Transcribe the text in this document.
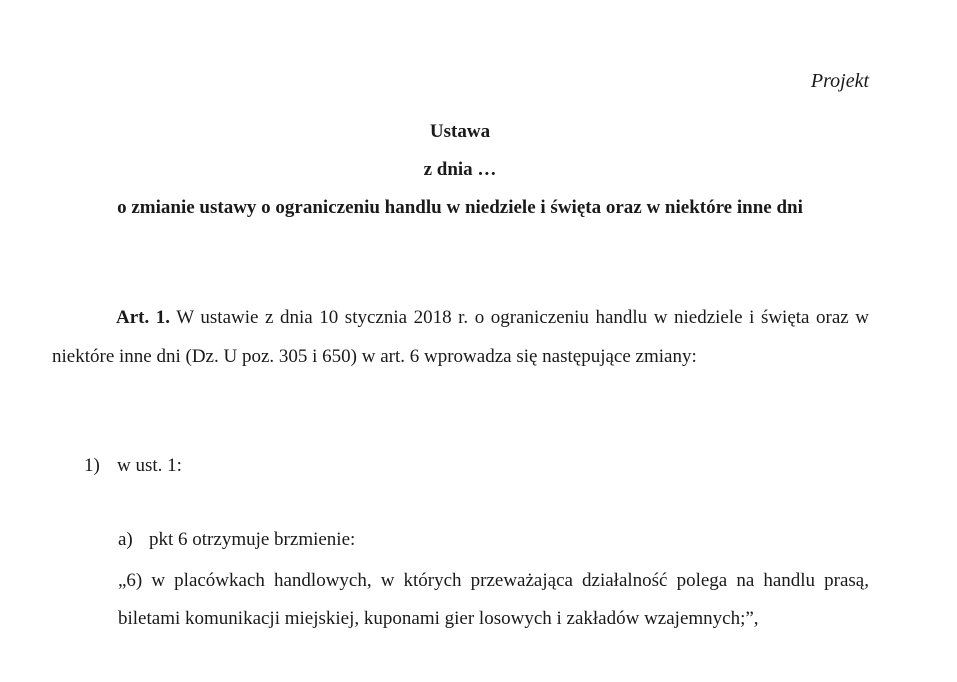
Projekt
Ustawa
z dnia …
o zmianie ustawy o ograniczeniu handlu w niedziele i święta oraz w niektóre inne dni
Art. 1. W ustawie z dnia 10 stycznia 2018 r. o ograniczeniu handlu w niedziele i święta oraz w niektóre inne dni (Dz. U poz. 305 i 650) w art. 6 wprowadza się następujące zmiany:
1) w ust. 1:
a) pkt 6 otrzymuje brzmienie:
„6) w placówkach handlowych, w których przeważająca działalność polega na handlu prasą, biletami komunikacji miejskiej, kuponami gier losowych i zakładów wzajemnych;”,
